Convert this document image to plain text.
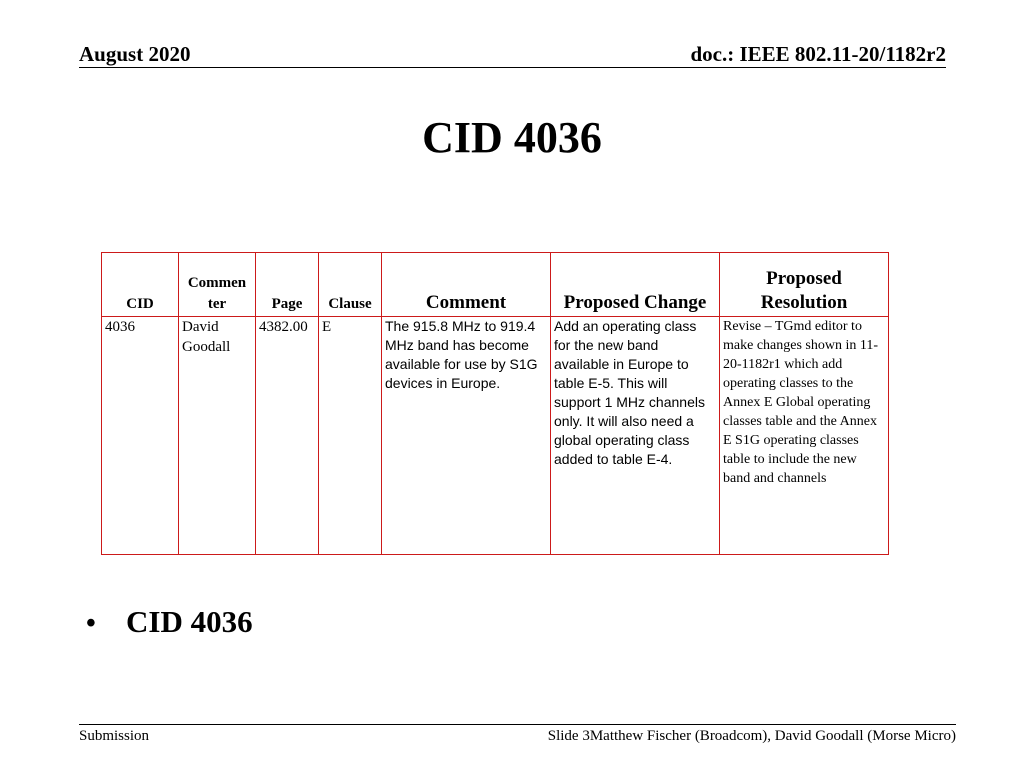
August 2020	doc.: IEEE 802.11-20/1182r2
CID 4036
CID	Commen ter	Page	Clause	Comment	Proposed Change	Proposed Resolution
4036	David Goodall	4382.00	E	The 915.8 MHz to 919.4 MHz band has become available for use by S1G devices in Europe.	Add an operating class for the new band available in Europe to table E-5. This will support 1 MHz channels only. It will also need a global operating class added to table E-4.	Revise – TGmd editor to make changes shown in 11-20-1182r1 which add operating classes to the Annex E Global operating classes table and the Annex E S1G operating classes table to include the new band and channels
• CID 4036
Submission	Slide 3Matthew Fischer (Broadcom), David Goodall (Morse Micro)
